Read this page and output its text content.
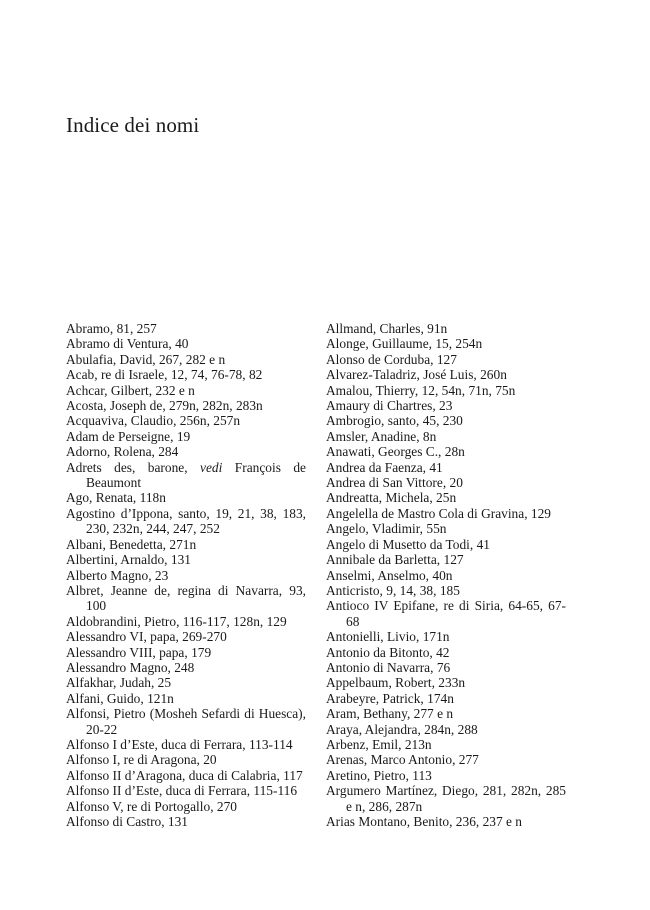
Indice dei nomi
Abramo, 81, 257
Abramo di Ventura, 40
Abulafia, David, 267, 282 e n
Acab, re di Israele, 12, 74, 76-78, 82
Achcar, Gilbert, 232 e n
Acosta, Joseph de, 279n, 282n, 283n
Acquaviva, Claudio, 256n, 257n
Adam de Perseigne, 19
Adorno, Rolena, 284
Adrets des, barone, vedi François de Beaumont
Ago, Renata, 118n
Agostino d’Ippona, santo, 19, 21, 38, 183, 230, 232n, 244, 247, 252
Albani, Benedetta, 271n
Albertini, Arnaldo, 131
Alberto Magno, 23
Albret, Jeanne de, regina di Navarra, 93, 100
Aldobrandini, Pietro, 116-117, 128n, 129
Alessandro VI, papa, 269-270
Alessandro VIII, papa, 179
Alessandro Magno, 248
Alfakhar, Judah, 25
Alfani, Guido, 121n
Alfonsi, Pietro (Mosheh Sefardi di Huesca), 20-22
Alfonso I d’Este, duca di Ferrara, 113-114
Alfonso I, re di Aragona, 20
Alfonso II d’Aragona, duca di Calabria, 117
Alfonso II d’Este, duca di Ferrara, 115-116
Alfonso V, re di Portogallo, 270
Alfonso di Castro, 131
Allmand, Charles, 91n
Alonge, Guillaume, 15, 254n
Alonso de Corduba, 127
Alvarez-Taladriz, José Luis, 260n
Amalou, Thierry, 12, 54n, 71n, 75n
Amaury di Chartres, 23
Ambrogio, santo, 45, 230
Amsler, Anadine, 8n
Anawati, Georges C., 28n
Andrea da Faenza, 41
Andrea di San Vittore, 20
Andreatta, Michela, 25n
Angelella de Mastro Cola di Gravina, 129
Angelo, Vladimir, 55n
Angelo di Musetto da Todi, 41
Annibale da Barletta, 127
Anselmi, Anselmo, 40n
Anticristo, 9, 14, 38, 185
Antioco IV Epifane, re di Siria, 64-65, 67-68
Antonielli, Livio, 171n
Antonio da Bitonto, 42
Antonio di Navarra, 76
Appelbaum, Robert, 233n
Arabeyre, Patrick, 174n
Aram, Bethany, 277 e n
Araya, Alejandra, 284n, 288
Arbenz, Emil, 213n
Arenas, Marco Antonio, 277
Aretino, Pietro, 113
Argumero Martínez, Diego, 281, 282n, 285 e n, 286, 287n
Arias Montano, Benito, 236, 237 e n
